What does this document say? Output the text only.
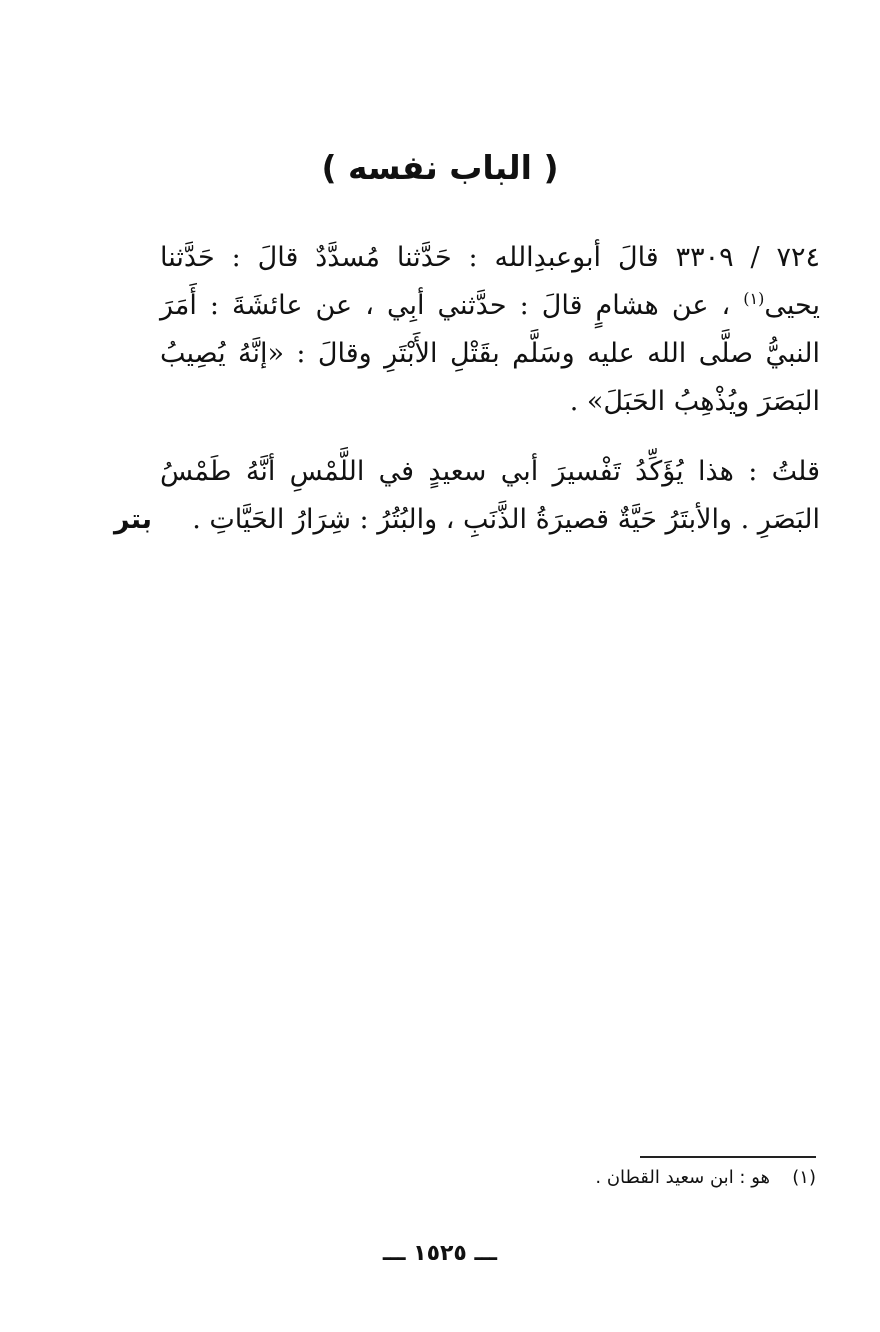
( الباب نفسه )
٧٢٤ / ٣٣٠٩ قالَ أبوعبدِالله : حَدَّثنا مُسدَّدٌ قالَ : حَدَّثنا يحيى$^{(١)}$ ، عن هشامٍ قالَ : حدَّثني أبِي ، عن عائشَةَ : أَمَرَ النبيُّ صلَّى الله عليه وسَلَّم بقَتْلِ الأَبْتَرِ وقالَ : «إنَّهُ يُصِيبُ البَصَرَ ويُذْهِبُ الحَبَلَ» .
قلتُ : هذا يُؤَكِّدُ تَفْسيرَ أبي سعيدٍ في اللَّمْسِ أنَّهُ طَمْسُ البَصَرِ . والأبتَرُ حَيَّةٌ قصيرَةُ الذَّنَبِ ، والبُتُرُ : شِرَارُ الحَيَّاتِ .
بتر
(١)هو : ابن سعيد القطان .
ـــ ١٥٢٥ ـــ
